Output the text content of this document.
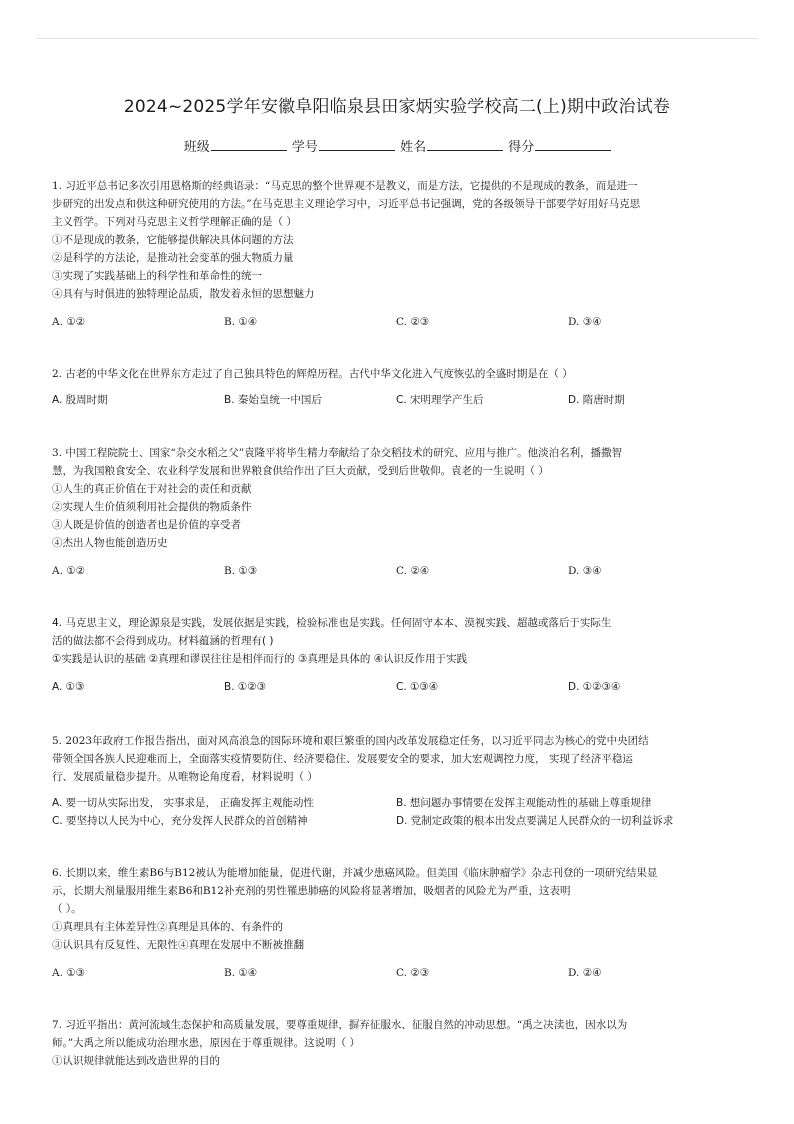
2024~2025学年安徽阜阳临泉县田家炳实验学校高二(上)期中政治试卷
班级	学号	姓名	得分

1. 习近平总书记多次引用恩格斯的经典语录：“马克思的整个世界观不是教义，而是方法，它提供的不是现成的教条，而是进一

步研究的出发点和供这种研究使用的方法。”在马克思主义理论学习中，习近平总书记强调，党的各级领导干部要学好用好马克思

主义哲学。下列对马克思主义哲学理解正确的是（ ）

①不是现成的教条，它能够提供解决具体问题的方法

②是科学的方法论，是推动社会变革的强大物质力量

③实现了实践基础上的科学性和革命性的统一

④具有与时俱进的独特理论品质，散发着永恒的思想魅力

A. ①②	B. ①④	C. ②③	D. ③④

2. 古老的中华文化在世界东方走过了自己独具特色的辉煌历程。古代中华文化进入气度恢弘的全盛时期是在（ ）

A. 殷周时期	B. 秦始皇统一中国后	C. 宋明理学产生后	D. 隋唐时期

3. 中国工程院院士、国家“杂交水稻之父”袁隆平将毕生精力奉献给了杂交稻技术的研究、应用与推广。他淡泊名利，播撒智

慧，为我国粮食安全、农业科学发展和世界粮食供给作出了巨大贡献，受到后世敬仰。袁老的一生说明（ ）

①人生的真正价值在于对社会的责任和贡献

②实现人生价值须利用社会提供的物质条件

③人既是价值的创造者也是价值的享受者

④杰出人物也能创造历史

A. ①②	B. ①③	C. ②④	D. ③④

4. 马克思主义，理论源泉是实践，发展依据是实践，检验标准也是实践。任何固守本本、漠视实践、超越或落后于实际生

活的做法都不会得到成功。材料蕴涵的哲理有( )

①实践是认识的基础 ②真理和谬误往往是相伴而行的 ③真理是具体的 ④认识反作用于实践

A. ①③	B. ①②③	C. ①③④	D. ①②③④

5. 2023年政府工作报告指出，面对风高浪急的国际环境和艰巨繁重的国内改革发展稳定任务，以习近平同志为核心的党中央团结

带领全国各族人民迎难而上，全面落实疫情要防住、经济要稳住、发展要安全的要求，加大宏观调控力度， 实现了经济平稳运

行、发展质量稳步提升。从唯物论角度看，材料说明（ ）

A. 要一切从实际出发， 实事求是， 正确发挥主观能动性	B. 想问题办事情要在发挥主观能动性的基础上尊重规律
C. 要坚持以人民为中心，充分发挥人民群众的首创精神	D. 党制定政策的根本出发点要满足人民群众的一切利益诉求

6. 长期以来，维生素B6与B12被认为能增加能量，促进代谢，并减少患癌风险。但美国《临床肿瘤学》杂志刊登的一项研究结果显

示，长期大剂量服用维生素B6和B12补充剂的男性罹患肺癌的风险将显著增加，吸烟者的风险尤为严重，这表明

（ ）。

①真理具有主体差异性②真理是具体的、有条件的

③认识具有反复性、无限性④真理在发展中不断被推翻

A. ①③	B. ①④	C. ②③	D. ②④

7. 习近平指出：黄河流域生态保护和高质量发展，要尊重规律，摒弃征服水、征服自然的冲动思想。“禹之决渎也，因水以为

师。”大禹之所以能成功治理水患，原因在于尊重规律。这说明（ ）

①认识规律就能达到改造世界的目的
